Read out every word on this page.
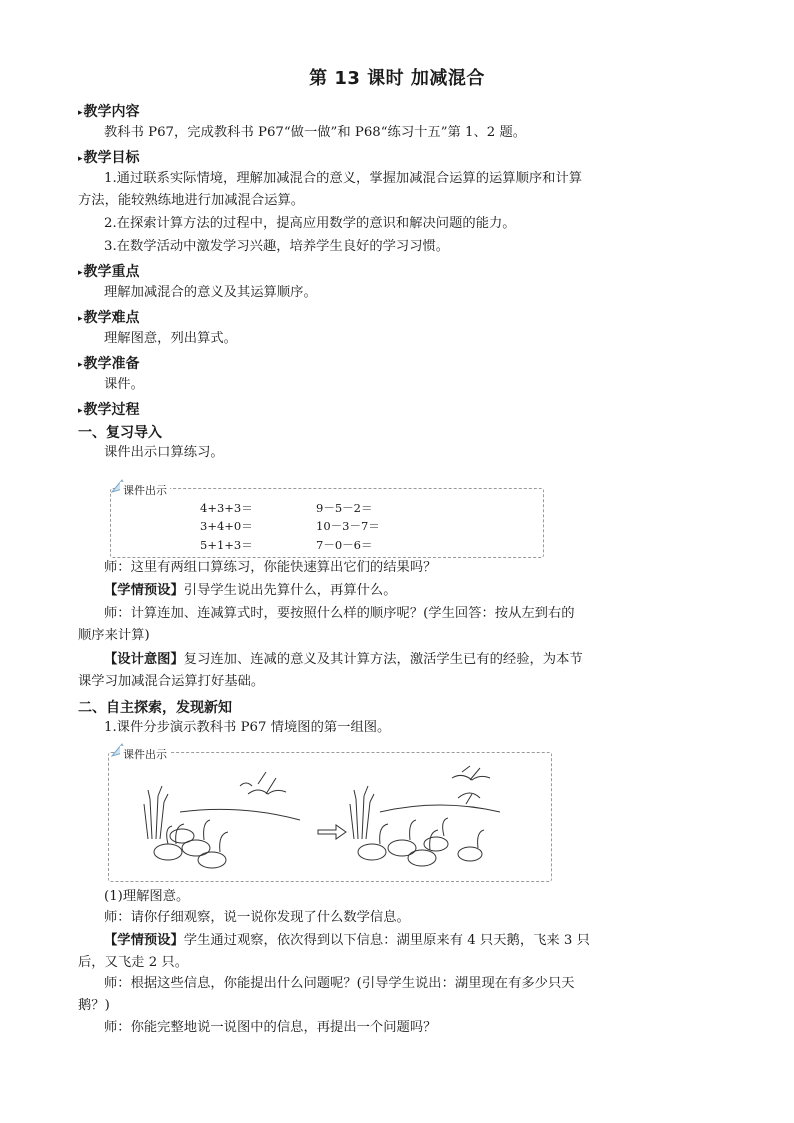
第 13 课时 加减混合
▸教学内容
教科书 P67，完成教科书 P67“做一做”和 P68“练习十五”第 1、2 题。
▸教学目标
1.通过联系实际情境，理解加减混合的意义，掌握加减混合运算的运算顺序和计算
方法，能较熟练地进行加减混合运算。
2.在探索计算方法的过程中，提高应用数学的意识和解决问题的能力。
3.在数学活动中激发学习兴趣，培养学生良好的学习习惯。
▸教学重点
理解加减混合的意义及其运算顺序。
▸教学难点
理解图意，列出算式。
▸教学准备
课件。
▸教学过程
一、复习导入
课件出示口算练习。
课件出示
4+3+3＝
3+4+0＝
5+1+3＝
9－5－2＝
10－3－7＝
7－0－6＝
师：这里有两组口算练习，你能快速算出它们的结果吗？
【学情预设】引导学生说出先算什么，再算什么。
师：计算连加、连减算式时，要按照什么样的顺序呢？(学生回答：按从左到右的
顺序来计算)
【设计意图】复习连加、连减的意义及其计算方法，激活学生已有的经验，为本节
课学习加减混合运算打好基础。
二、自主探索，发现新知
1.课件分步演示教科书 P67 情境图的第一组图。
课件出示
(1)理解图意。
师：请你仔细观察，说一说你发现了什么数学信息。
【学情预设】学生通过观察，依次得到以下信息：湖里原来有 4 只天鹅，飞来 3 只
后，又飞走 2 只。
师：根据这些信息，你能提出什么问题呢？(引导学生说出：湖里现在有多少只天
鹅？)
师：你能完整地说一说图中的信息，再提出一个问题吗？
